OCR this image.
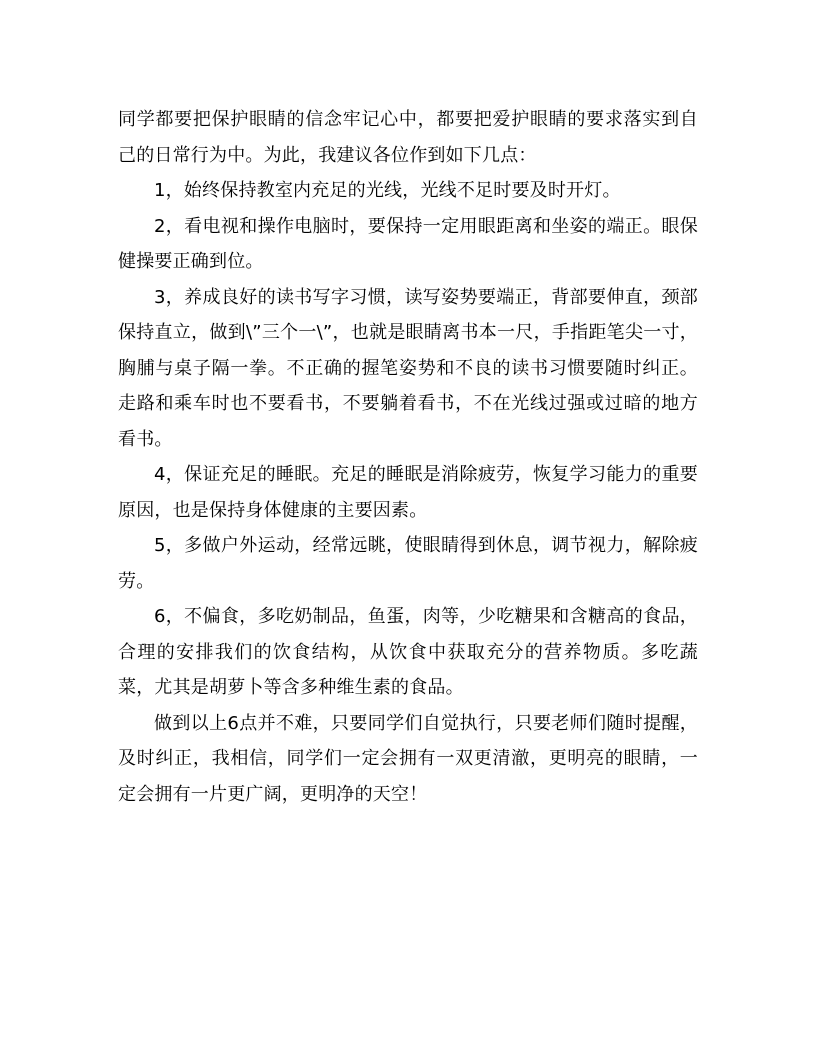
同学都要把保护眼睛的信念牢记心中，都要把爱护眼睛的要求落实到自己的日常行为中。为此，我建议各位作到如下几点：

1，始终保持教室内充足的光线，光线不足时要及时开灯。

2，看电视和操作电脑时，要保持一定用眼距离和坐姿的端正。眼保健操要正确到位。

3，养成良好的读书写字习惯，读写姿势要端正，背部要伸直，颈部保持直立，做到\”三个一\”，也就是眼睛离书本一尺，手指距笔尖一寸，胸脯与桌子隔一拳。不正确的握笔姿势和不良的读书习惯要随时纠正。走路和乘车时也不要看书，不要躺着看书，不在光线过强或过暗的地方看书。

4，保证充足的睡眠。充足的睡眠是消除疲劳，恢复学习能力的重要原因，也是保持身体健康的主要因素。

5，多做户外运动，经常远眺，使眼睛得到休息，调节视力，解除疲劳。

6，不偏食，多吃奶制品，鱼蛋，肉等，少吃糖果和含糖高的食品，合理的安排我们的饮食结构，从饮食中获取充分的营养物质。多吃蔬菜，尤其是胡萝卜等含多种维生素的食品。

做到以上6点并不难，只要同学们自觉执行，只要老师们随时提醒，及时纠正，我相信，同学们一定会拥有一双更清澈，更明亮的眼睛，一定会拥有一片更广阔，更明净的天空！
